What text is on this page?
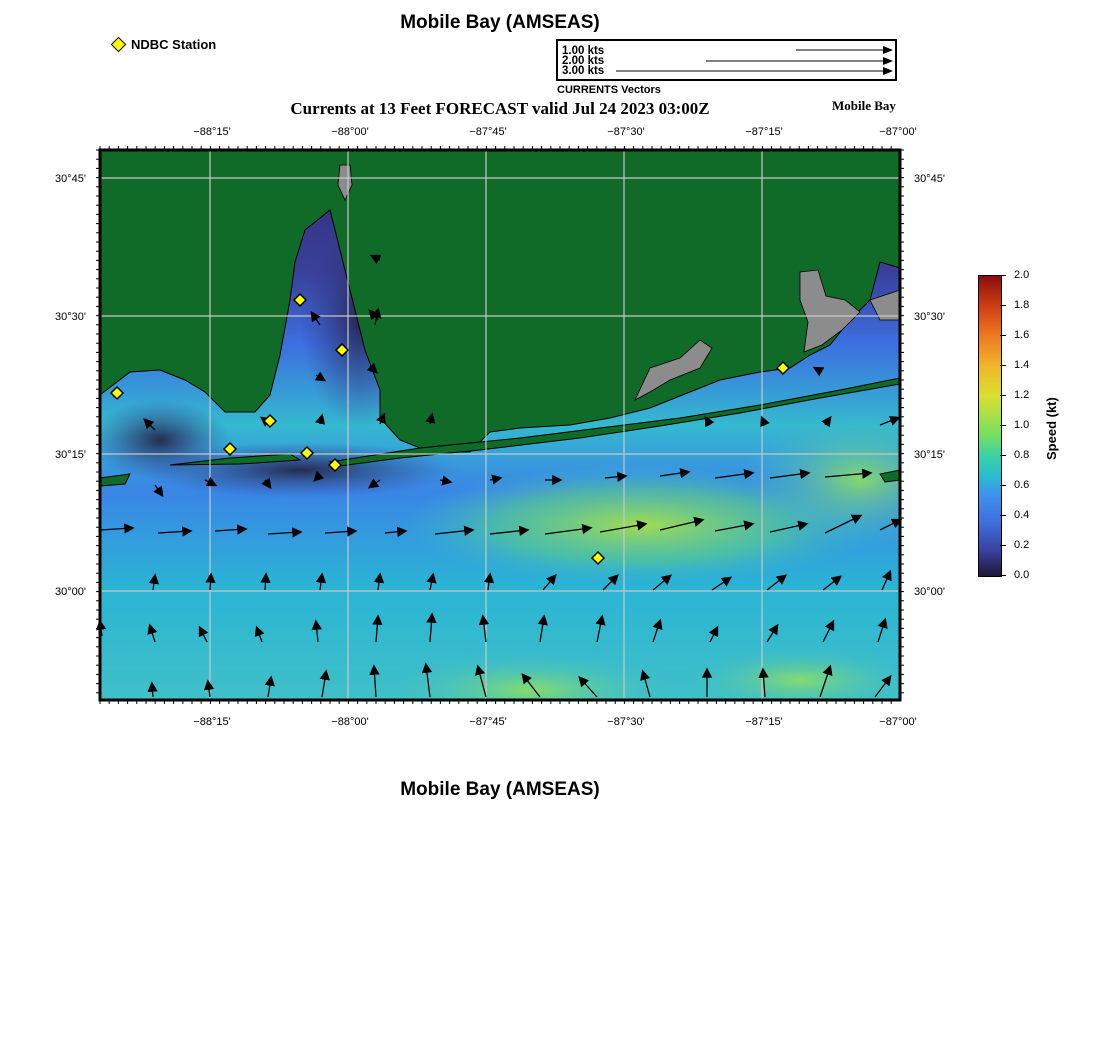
Mobile Bay (AMSEAS)
NDBC Station	1.00 kts
2.00 kts
3.00 kts
CURRENTS Vectors
Currents at 13 Feet FORECAST valid Jul 24 2023 03:00Z	Mobile Bay
−88°15'	−88°00'	−87°45'	−87°30'	−87°15'	−87°00'
−88°15'	−88°00'	−87°45'	−87°30'	−87°15'	−87°00'
30°45'
30°30'
30°15'
30°00'
30°45'
30°30'
30°15'
30°00'
0.0
0.2
0.4
0.6
0.8
1.0
1.2
1.4
1.6
1.8
2.0
Speed (kt)
Mobile Bay (AMSEAS)
